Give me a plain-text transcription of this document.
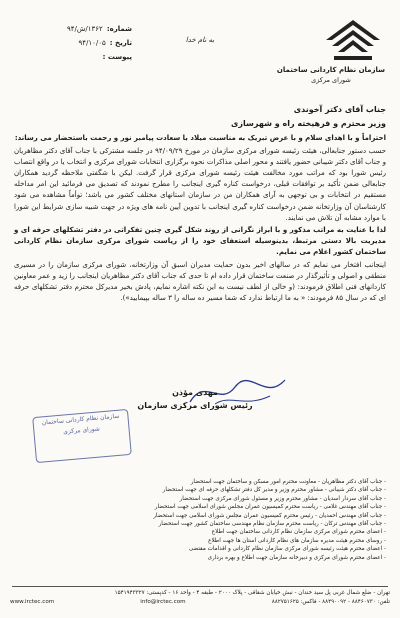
سازمان نظام کاردانی ساختمان
شورای مرکزی
به نام خدا
شماره:
۱۳۶۲/ش/۹۴
تاریخ :
۹۴/۱۰/۰۵
پیوست :

جناب آقای دکتر آخوندی

وزیر محترم و فرهیخته راه و شهرسازی

احتراماً و با اهدای سلام و با عرض تبریک به مناسبت میلاد با سعادت پیامبر نور و رحمت باستحضار می رساند:

حسب دستور جنابعالی، هیئت رئیسه شورای مرکزی سازمان در مورخ ۹۴/۰۹/۲۹ در جلسه مشترکی با جناب آقای دکتر مظاهریان و جناب آقای دکتر شیبانی حضور یافتند و محور اصلی مذاکرات نحوه برگزاری انتخابات شورای مرکزی و انتخاب یا در واقع انتصاب رئیس شورا بود که مراتب مورد مخالفت هیئت رئیسه شورای مرکزی قرار گرفت. لیکن با شگفتی ملاحظه گردید همکاران جنابعالی ضمن تأکید بر توافقات قبلی، درخواست کناره گیری اینجانب را مطرح نمودند که تصدیق می فرمائید این امر مداخله مستقیم در انتخابات و بی توجهی به آرای همکاران من در سازمان استانهای مختلف کشور می باشد؛ توأماً مشاهده می شود کارشناسان آن وزارتخانه ضمن درخواست کناره گیری اینجانب با تدوین آیین نامه های ویژه در جهت شبیه سازی شرایط این شورا با موارد مشابه آن تلاش می نمایند.

لذا با عنایت به مراتب مذکور و با ابراز نگرانی از روند شکل گیری چنین تفکراتی در دفتر تشکلهای حرفه ای و مدیریت بالا دستی مرتبط، بدینوسیله استعفای خود را از ریاست شورای مرکزی سازمان نظام کاردانی ساختمان کشور اعلام می نمایم.

اینجانب افتخار می نمایم که در سالهای اخیر بدون حمایت مدیران اسبق آن وزارتخانه، شورای مرکزی سازمان را در مسیری منطقی و اصولی و تأثیرگذار در صنعت ساختمان قرار داده ام تا حدی که جناب آقای دکتر مظاهریان اینجانب را زید و عمر معاونین کاردانهای فنی اطلاق فرمودند: (و خالی از لطف نیست به این نکته اشاره نمایم، پادش بخیر مدیرکل محترم دفتر تشکلهای حرفه ای که در سال ۸۵ فرمودند: « به ما ارتباط ندارد که شما مسیر ده ساله را ۳ ساله بپیمایید»).

مهدی مؤذن
رئیس شورای مرکزی سازمان
سازمان نظام کاردانی ساختمان
شورای مرکزی
- جناب آقای دکتر مظاهریان - معاونت محترم امور مسکن و ساختمان جهت استحضار
- جناب آقای دکتر شیبانی - مشاور محترم وزیر و مدیر کل دفتر تشکلهای حرفه ای جهت استحضار
- جناب آقای سردار اسدیان - مشاور محترم وزیر و مسئول شورای مرکزی جهت استحضار
- جناب آقای مهندس غلامی - ریاست محترم کمیسیون عمران مجلس شورای اسلامی جهت استحضار
- جناب آقای مهندس احمدیان - رئیس محترم کمیسیون عمران مجلس شورای اسلامی جهت استحضار
- جناب آقای مهندس ترکان - ریاست محترم سازمان نظام مهندسی ساختمان کشور جهت استحضار
- اعضای محترم شورای مرکزی سازمان نظام کاردانی ساختمان جهت اطلاع
- روسای محترم هیئت مدیره سازمان های نظام کاردانی استان ها جهت اطلاع
- اعضای محترم هیئت رئیسه شورای مرکزی سازمان نظام کاردانی و اقدامات مقتضی
- اعضای محترم شورای مرکزی و دبیرخانه سازمان جهت اطلاع و بهره برداری
تهران - ضلع شمال غربی پل سید خندان - نبش خیابان شقاقی - پلاک ۲۰۰۰ - طبقه ۴ - واحد ۱۶ - کدپستی: ۱۵۴۱۹۴۳۳۲۷
www.irctec.com	info@irctec.com	تلفن: ۸۸۴۶۰۷۳۰ - ۸۸۴۹۰۰۹۲ - فاکس: ۸۸۲۷۵۱۶۲۵
